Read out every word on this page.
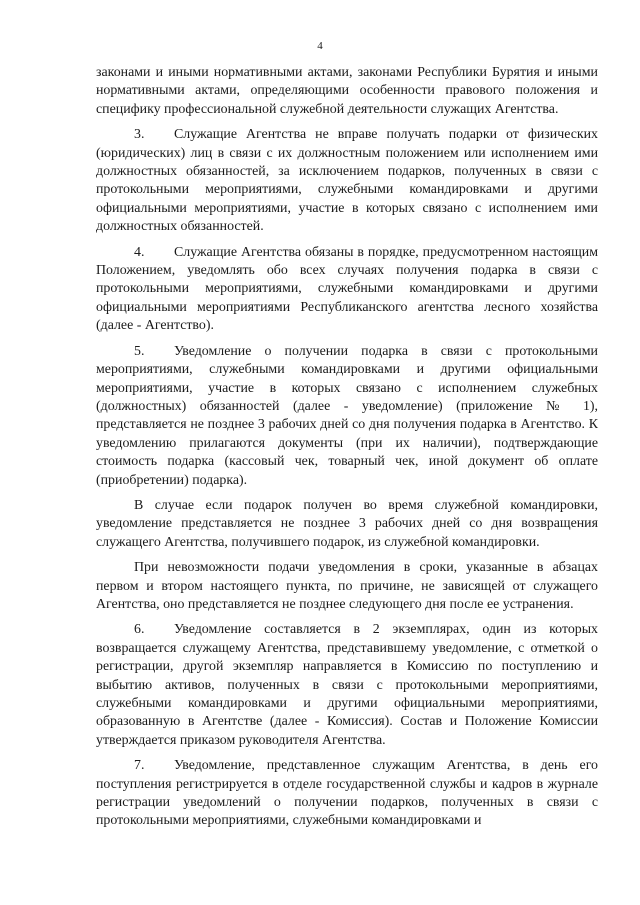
4

законами и иными нормативными актами, законами Республики Бурятия и иными нормативными актами, определяющими особенности правового положения и специфику профессиональной служебной деятельности служащих Агентства.

3. Служащие Агентства не вправе получать подарки от физических (юридических) лиц в связи с их должностным положением или исполнением ими должностных обязанностей, за исключением подарков, полученных в связи с протокольными мероприятиями, служебными командировками и другими официальными мероприятиями, участие в которых связано с исполнением ими должностных обязанностей.

4. Служащие Агентства обязаны в порядке, предусмотренном настоящим Положением, уведомлять обо всех случаях получения подарка в связи с протокольными мероприятиями, служебными командировками и другими официальными мероприятиями Республиканского агентства лесного хозяйства (далее - Агентство).

5. Уведомление о получении подарка в связи с протокольными мероприятиями, служебными командировками и другими официальными мероприятиями, участие в которых связано с исполнением служебных (должностных) обязанностей (далее - уведомление) (приложение № 1), представляется не позднее 3 рабочих дней со дня получения подарка в Агентство. К уведомлению прилагаются документы (при их наличии), подтверждающие стоимость подарка (кассовый чек, товарный чек, иной документ об оплате (приобретении) подарка).

В случае если подарок получен во время служебной командировки, уведомление представляется не позднее 3 рабочих дней со дня возвращения служащего Агентства, получившего подарок, из служебной командировки.

При невозможности подачи уведомления в сроки, указанные в абзацах первом и втором настоящего пункта, по причине, не зависящей от служащего Агентства, оно представляется не позднее следующего дня после ее устранения.

6. Уведомление составляется в 2 экземплярах, один из которых возвращается служащему Агентства, представившему уведомление, с отметкой о регистрации, другой экземпляр направляется в Комиссию по поступлению и выбытию активов, полученных в связи с протокольными мероприятиями, служебными командировками и другими официальными мероприятиями, образованную в Агентстве (далее - Комиссия). Состав и Положение Комиссии утверждается приказом руководителя Агентства.

7. Уведомление, представленное служащим Агентства, в день его поступления регистрируется в отделе государственной службы и кадров в журнале регистрации уведомлений о получении подарков, полученных в связи с протокольными мероприятиями, служебными командировками и
